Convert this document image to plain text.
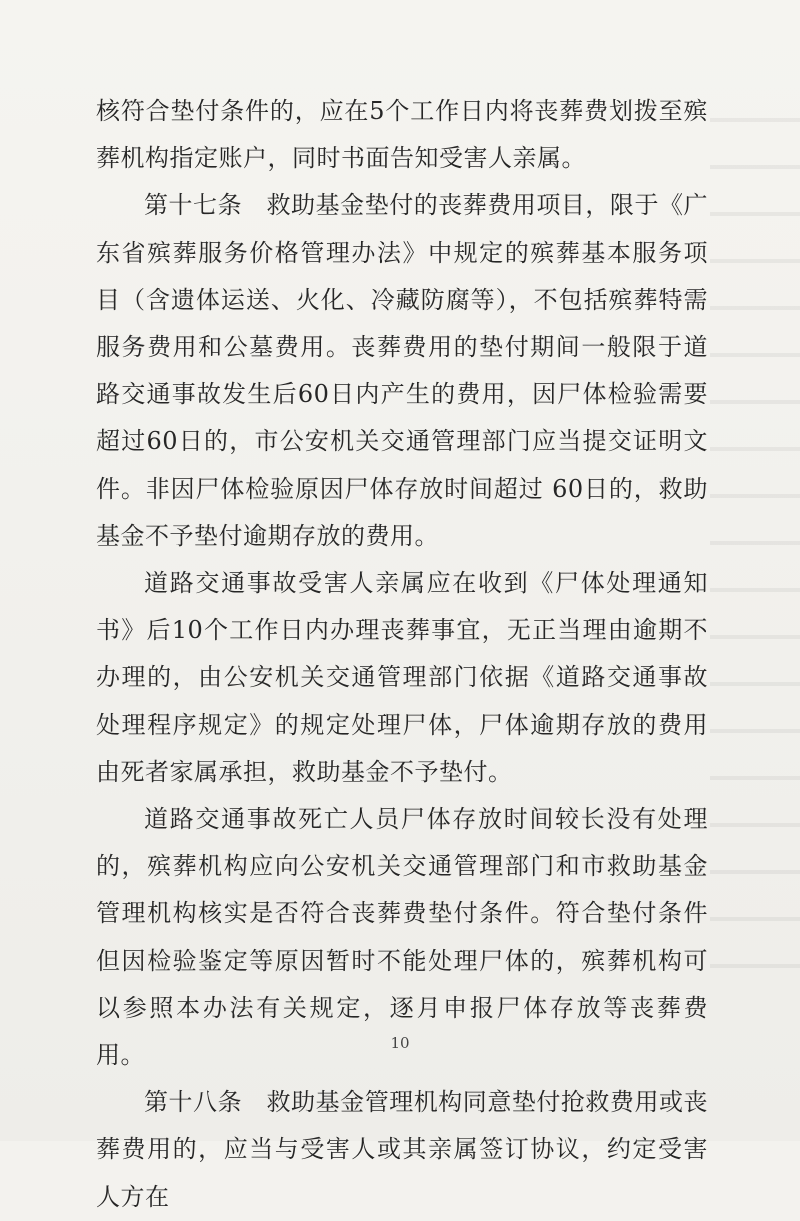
核符合垫付条件的，应在5个工作日内将丧葬费划拨至殡葬机构指定账户，同时书面告知受害人亲属。

第十七条　救助基金垫付的丧葬费用项目，限于《广东省殡葬服务价格管理办法》中规定的殡葬基本服务项目（含遗体运送、火化、冷藏防腐等），不包括殡葬特需服务费用和公墓费用。丧葬费用的垫付期间一般限于道路交通事故发生后60日内产生的费用，因尸体检验需要超过60日的，市公安机关交通管理部门应当提交证明文件。非因尸体检验原因尸体存放时间超过 60日的，救助基金不予垫付逾期存放的费用。

道路交通事故受害人亲属应在收到《尸体处理通知书》后10个工作日内办理丧葬事宜，无正当理由逾期不办理的，由公安机关交通管理部门依据《道路交通事故处理程序规定》的规定处理尸体，尸体逾期存放的费用由死者家属承担，救助基金不予垫付。

道路交通事故死亡人员尸体存放时间较长没有处理的，殡葬机构应向公安机关交通管理部门和市救助基金管理机构核实是否符合丧葬费垫付条件。符合垫付条件但因检验鉴定等原因暂时不能处理尸体的，殡葬机构可以参照本办法有关规定，逐月申报尸体存放等丧葬费用。

第十八条　救助基金管理机构同意垫付抢救费用或丧葬费用的，应当与受害人或其亲属签订协议，约定受害人方在

10
